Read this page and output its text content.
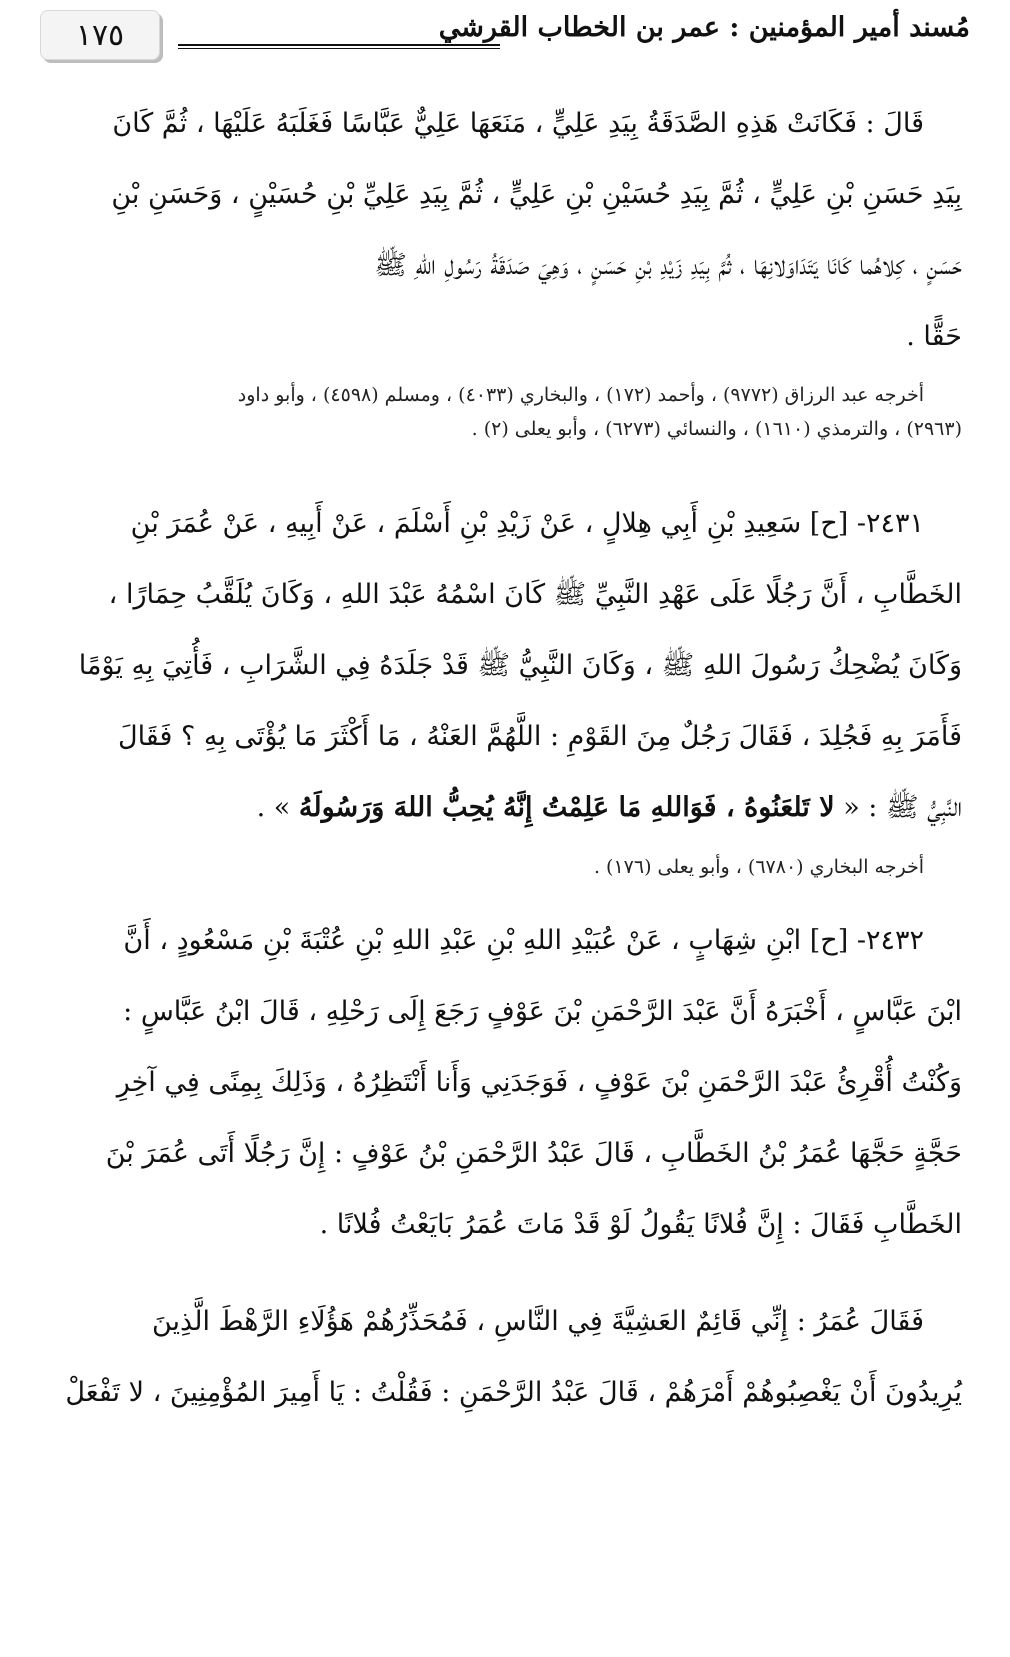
١٧٥	مُسند أمير المؤمنين : عمر بن الخطاب القرشي

قَالَ : فَكَانَتْ هَذِهِ الصَّدَقَةُ بِيَدِ عَلِيٍّ ، مَنَعَهَا عَلِيٌّ عَبَّاسًا فَغَلَبَهُ عَلَيْهَا ، ثُمَّ كَانَ

بِيَدِ حَسَنِ بْنِ عَلِيٍّ ، ثُمَّ بِيَدِ حُسَيْنِ بْنِ عَلِيٍّ ، ثُمَّ بِيَدِ عَلِيِّ بْنِ حُسَيْنٍ ، وَحَسَنِ بْنِ

حَسَنٍ ، كِلاهُما كَانَا يَتَدَاوَلانِهَا ، ثُمَّ بِيَدِ زَيْدِ بْنِ حَسَنٍ ، وَهِيَ صَدَقَةُ رَسُولِ اللهِ ﷺ

حَقًّا .

أخرجه عبد الرزاق (٩٧٧٢) ، وأحمد (١٧٢) ، والبخاري (٤٠٣٣) ، ومسلم (٤٥٩٨) ، وأبو داود

(٢٩٦٣) ، والترمذي (١٦١٠) ، والنسائي (٦٢٧٣) ، وأبو يعلى (٢) .

٢٤٣١- [ح] سَعِيدِ بْنِ أَبِي هِلالٍ ، عَنْ زَيْدِ بْنِ أَسْلَمَ ، عَنْ أَبِيهِ ، عَنْ عُمَرَ بْنِ

الخَطَّابِ ، أَنَّ رَجُلًا عَلَى عَهْدِ النَّبِيِّ ﷺ كَانَ اسْمُهُ عَبْدَ اللهِ ، وَكَانَ يُلَقَّبُ حِمَارًا ،

وَكَانَ يُضْحِكُ رَسُولَ اللهِ ﷺ ، وَكَانَ النَّبِيُّ ﷺ قَدْ جَلَدَهُ فِي الشَّرَابِ ، فَأُتِيَ بِهِ يَوْمًا

فَأَمَرَ بِهِ فَجُلِدَ ، فَقَالَ رَجُلٌ مِنَ القَوْمِ : اللَّهُمَّ العَنْهُ ، مَا أَكْثَرَ مَا يُؤْتَى بِهِ ؟ فَقَالَ

النَّبِيُّ ﷺ : « لا تَلعَنُوهُ ، فَوَاللهِ مَا عَلِمْتُ إِنَّهُ يُحِبُّ اللهَ وَرَسُولَهُ » .

أخرجه البخاري (٦٧٨٠) ، وأبو يعلى (١٧٦) .

٢٤٣٢- [ح] ابْنِ شِهَابٍ ، عَنْ عُبَيْدِ اللهِ بْنِ عَبْدِ اللهِ بْنِ عُتْبَةَ بْنِ مَسْعُودٍ ، أَنَّ

ابْنَ عَبَّاسٍ ، أَخْبَرَهُ أَنَّ عَبْدَ الرَّحْمَنِ بْنَ عَوْفٍ رَجَعَ إِلَى رَحْلِهِ ، قَالَ ابْنُ عَبَّاسٍ :

وَكُنْتُ أُقْرِئُ عَبْدَ الرَّحْمَنِ بْنَ عَوْفٍ ، فَوَجَدَنِي وَأَنا أَنْتَظِرُهُ ، وَذَلِكَ بِمِنًى فِي آخِرِ

حَجَّةٍ حَجَّهَا عُمَرُ بْنُ الخَطَّابِ ، قَالَ عَبْدُ الرَّحْمَنِ بْنُ عَوْفٍ : إِنَّ رَجُلًا أَتَى عُمَرَ بْنَ

الخَطَّابِ فَقَالَ : إِنَّ فُلانًا يَقُولُ لَوْ قَدْ مَاتَ عُمَرُ بَايَعْتُ فُلانًا .

فَقَالَ عُمَرُ : إِنِّي قَائِمٌ العَشِيَّةَ فِي النَّاسِ ، فَمُحَذِّرُهُمْ هَؤُلَاءِ الرَّهْطَ الَّذِينَ

يُرِيدُونَ أَنْ يَغْصِبُوهُمْ أَمْرَهُمْ ، قَالَ عَبْدُ الرَّحْمَنِ : فَقُلْتُ : يَا أَمِيرَ المُؤْمِنِينَ ، لا تَفْعَلْ
